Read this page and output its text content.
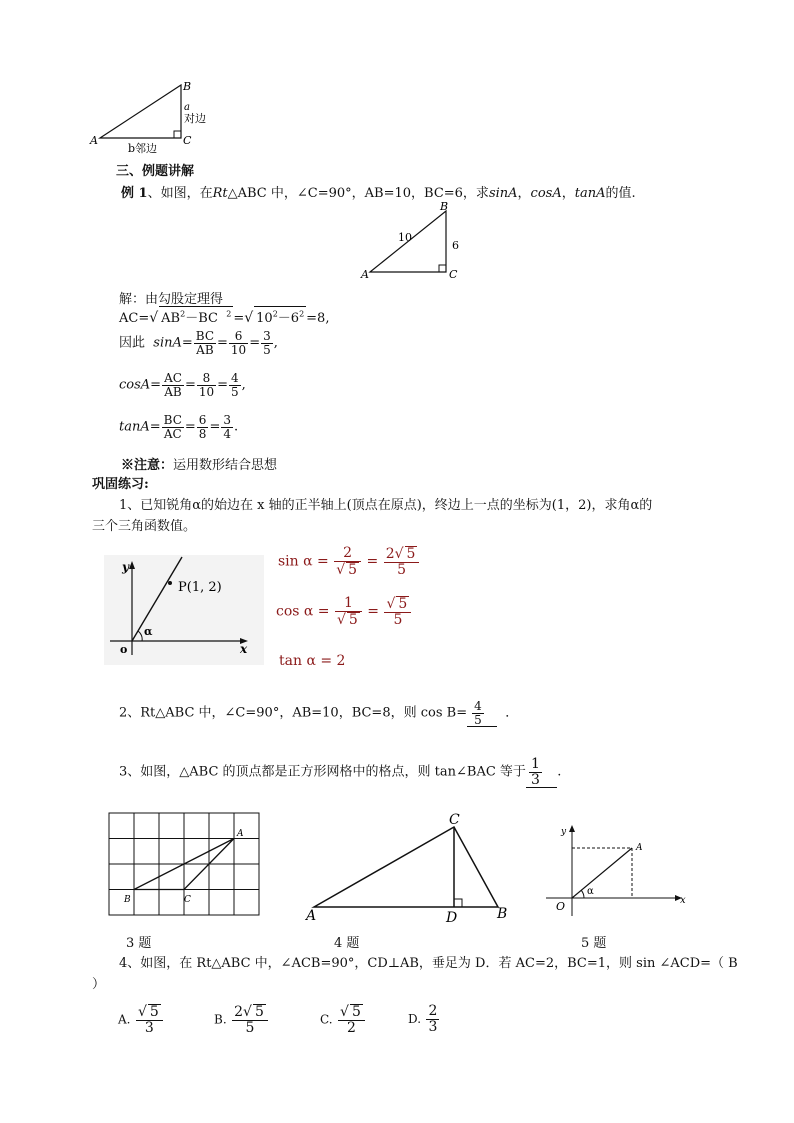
B
a
对边
A	C
b邻边
三、例题讲解
例 1、如图，在Rt△ABC 中，∠C=90°，AB=10，BC=6，求sinA，cosA，tanA的值.
B
10
6
A	C
解：由勾股定理得
AC=√ $AB^2-BC$ $^2$ =√ $10^2-6^2 =8$,
因此 $\sin A= \frac{BC}{AB} = \frac{6}{10} = \frac{3}{5}$ ,
$\cos A= \frac{AC}{AB} = \frac{8}{10} = \frac{4}{5}$ ,
$\tan A= \frac{BC}{AC} = \frac{6}{8} = \frac{3}{4}$ .
※注意：运用数形结合思想
巩固练习:
1、已知锐角α的始边在 x 轴的正半轴上(顶点在原点)，终边上一点的坐标为(1，2)，求角α的
三个三角函数值。
y
P(1, 2)
α
o	x
$\sin \alpha = \frac{2}{√ 5} = \frac{2√ 5}{5}$
$\cos \alpha = \frac{1}{√ 5} = \frac{√ 5}{5}$
tan α = 2
2、Rt△ABC 中，∠C=90°，AB=10，BC=8，则 $\cos B= \frac{4}{5}$ ．
3、如图，△ABC 的顶点都是正方形网格中的格点，则 tan∠BAC 等于 $\frac{1}{3}$ .
A
B	C
3 题
C
A	D	B
4 题
y
A
O
α
x
5 题
4、如图，在 Rt△ABC 中，∠ACB=90°，CD⊥AB，垂足为 D．若 AC=2，BC=1，则 sin ∠ACD=（ B
）
A. $\frac{√ 5}{3}$	B. $\frac{2√ 5}{5}$	C. $\frac{√ 5}{2}$	D. $\frac{2}{3}$
